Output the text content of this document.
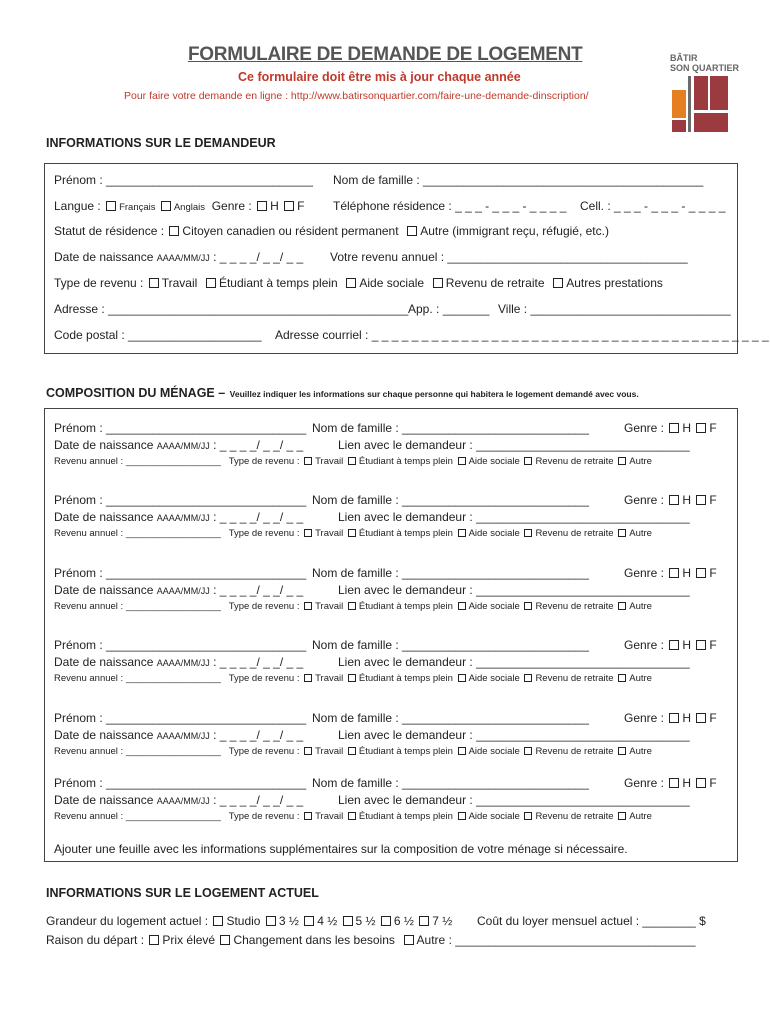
FORMULAIRE DE DEMANDE DE LOGEMENT
Ce formulaire doit être mis à jour chaque année
Pour faire votre demande en ligne : http://www.batirsonquartier.com/faire-une-demande-dinscription/
BÂTIR
SON QUARTIER
INFORMATIONS SUR LE DEMANDEUR
Prénom : _______________________________ Nom de famille : __________________________________________
Langue : Français Anglais Genre : H F Téléphone résidence : _ _ _ - _ _ _ - _ _ _ _ Cell. : _ _ _ - _ _ _ - _ _ _ _
Statut de résidence : Citoyen canadien ou résident permanent Autre (immigrant reçu, réfugié, etc.)
Date de naissance AAAA/MM/JJ : _ _ _ _/ _ _/ _ _ Votre revenu annuel : ____________________________________
Type de revenu : Travail Étudiant à temps plein Aide sociale Revenu de retraite Autres prestations
Adresse : _____________________________________________ App. : _______ Ville : ______________________________
Code postal : ____________________ Adresse courriel : _ _ _ _ _ _ _ _ _ _ _ _ _ _ _ _ _ _ _ _ _ _ _ _ _ _ _ _ _ _ _ _ _ _ _ _ _ _ _ _
COMPOSITION DU MÉNAGE – Veuillez indiquer les informations sur chaque personne qui habitera le logement demandé avec vous.
Prénom : ______________________________ Nom de famille : ____________________________	Genre : H F
Date de naissance AAAA/MM/JJ : _ _ _ _/ _ _/ _ _	Lien avec le demandeur : ________________________________
Revenu annuel : __________________ Type de revenu : Travail Étudiant à temps plein Aide sociale Revenu de retraite Autre
Prénom : ______________________________ Nom de famille : ____________________________	Genre : H F
Date de naissance AAAA/MM/JJ : _ _ _ _/ _ _/ _ _	Lien avec le demandeur : ________________________________
Revenu annuel : __________________ Type de revenu : Travail Étudiant à temps plein Aide sociale Revenu de retraite Autre
Prénom : ______________________________ Nom de famille : ____________________________	Genre : H F
Date de naissance AAAA/MM/JJ : _ _ _ _/ _ _/ _ _	Lien avec le demandeur : ________________________________
Revenu annuel : __________________ Type de revenu : Travail Étudiant à temps plein Aide sociale Revenu de retraite Autre
Prénom : ______________________________ Nom de famille : ____________________________	Genre : H F
Date de naissance AAAA/MM/JJ : _ _ _ _/ _ _/ _ _	Lien avec le demandeur : ________________________________
Revenu annuel : __________________ Type de revenu : Travail Étudiant à temps plein Aide sociale Revenu de retraite Autre
Prénom : ______________________________ Nom de famille : ____________________________	Genre : H F
Date de naissance AAAA/MM/JJ : _ _ _ _/ _ _/ _ _	Lien avec le demandeur : ________________________________
Revenu annuel : __________________ Type de revenu : Travail Étudiant à temps plein Aide sociale Revenu de retraite Autre
Prénom : ______________________________ Nom de famille : ____________________________	Genre : H F
Date de naissance AAAA/MM/JJ : _ _ _ _/ _ _/ _ _	Lien avec le demandeur : ________________________________
Revenu annuel : __________________ Type de revenu : Travail Étudiant à temps plein Aide sociale Revenu de retraite Autre
Ajouter une feuille avec les informations supplémentaires sur la composition de votre ménage si nécessaire.
INFORMATIONS SUR LE LOGEMENT ACTUEL
Grandeur du logement actuel : Studio 3 ½ 4 ½ 5 ½ 6 ½ 7 ½ Coût du loyer mensuel actuel : ________ $
Raison du départ : Prix élevé Changement dans les besoins Autre : ____________________________________
